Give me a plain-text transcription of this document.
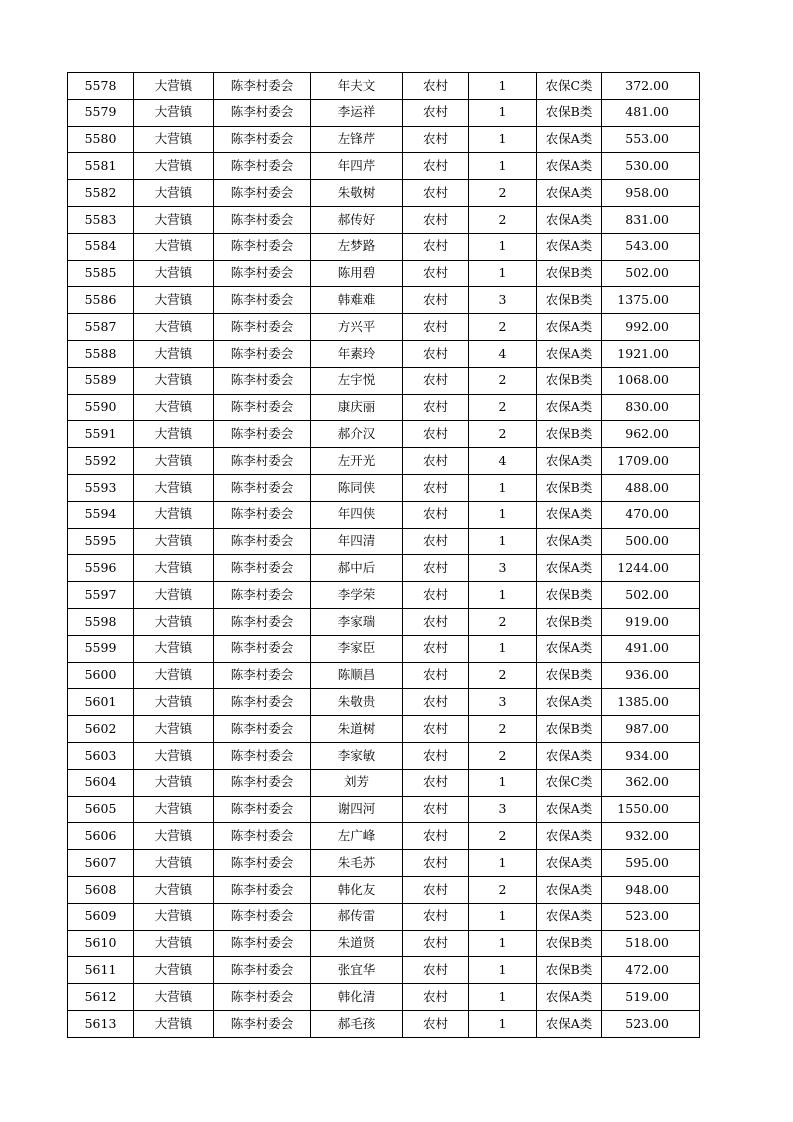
5578	大营镇	陈李村委会	年夫文	农村	1	农保C类	372.00
5579	大营镇	陈李村委会	李运祥	农村	1	农保B类	481.00
5580	大营镇	陈李村委会	左锋芹	农村	1	农保A类	553.00
5581	大营镇	陈李村委会	年四芹	农村	1	农保A类	530.00
5582	大营镇	陈李村委会	朱敬树	农村	2	农保A类	958.00
5583	大营镇	陈李村委会	郝传好	农村	2	农保A类	831.00
5584	大营镇	陈李村委会	左梦路	农村	1	农保A类	543.00
5585	大营镇	陈李村委会	陈用碧	农村	1	农保B类	502.00
5586	大营镇	陈李村委会	韩难难	农村	3	农保B类	1375.00
5587	大营镇	陈李村委会	方兴平	农村	2	农保A类	992.00
5588	大营镇	陈李村委会	年素玲	农村	4	农保A类	1921.00
5589	大营镇	陈李村委会	左宇悦	农村	2	农保B类	1068.00
5590	大营镇	陈李村委会	康庆丽	农村	2	农保A类	830.00
5591	大营镇	陈李村委会	郝介汉	农村	2	农保B类	962.00
5592	大营镇	陈李村委会	左开光	农村	4	农保A类	1709.00
5593	大营镇	陈李村委会	陈同侠	农村	1	农保B类	488.00
5594	大营镇	陈李村委会	年四侠	农村	1	农保A类	470.00
5595	大营镇	陈李村委会	年四清	农村	1	农保A类	500.00
5596	大营镇	陈李村委会	郝中后	农村	3	农保A类	1244.00
5597	大营镇	陈李村委会	李学荣	农村	1	农保B类	502.00
5598	大营镇	陈李村委会	李家瑞	农村	2	农保B类	919.00
5599	大营镇	陈李村委会	李家臣	农村	1	农保A类	491.00
5600	大营镇	陈李村委会	陈顺昌	农村	2	农保B类	936.00
5601	大营镇	陈李村委会	朱敬贵	农村	3	农保A类	1385.00
5602	大营镇	陈李村委会	朱道树	农村	2	农保B类	987.00
5603	大营镇	陈李村委会	李家敏	农村	2	农保A类	934.00
5604	大营镇	陈李村委会	刘芳	农村	1	农保C类	362.00
5605	大营镇	陈李村委会	谢四河	农村	3	农保A类	1550.00
5606	大营镇	陈李村委会	左广峰	农村	2	农保A类	932.00
5607	大营镇	陈李村委会	朱毛苏	农村	1	农保A类	595.00
5608	大营镇	陈李村委会	韩化友	农村	2	农保A类	948.00
5609	大营镇	陈李村委会	郝传雷	农村	1	农保A类	523.00
5610	大营镇	陈李村委会	朱道贤	农村	1	农保B类	518.00
5611	大营镇	陈李村委会	张宜华	农村	1	农保B类	472.00
5612	大营镇	陈李村委会	韩化清	农村	1	农保A类	519.00
5613	大营镇	陈李村委会	郝毛孩	农村	1	农保A类	523.00
